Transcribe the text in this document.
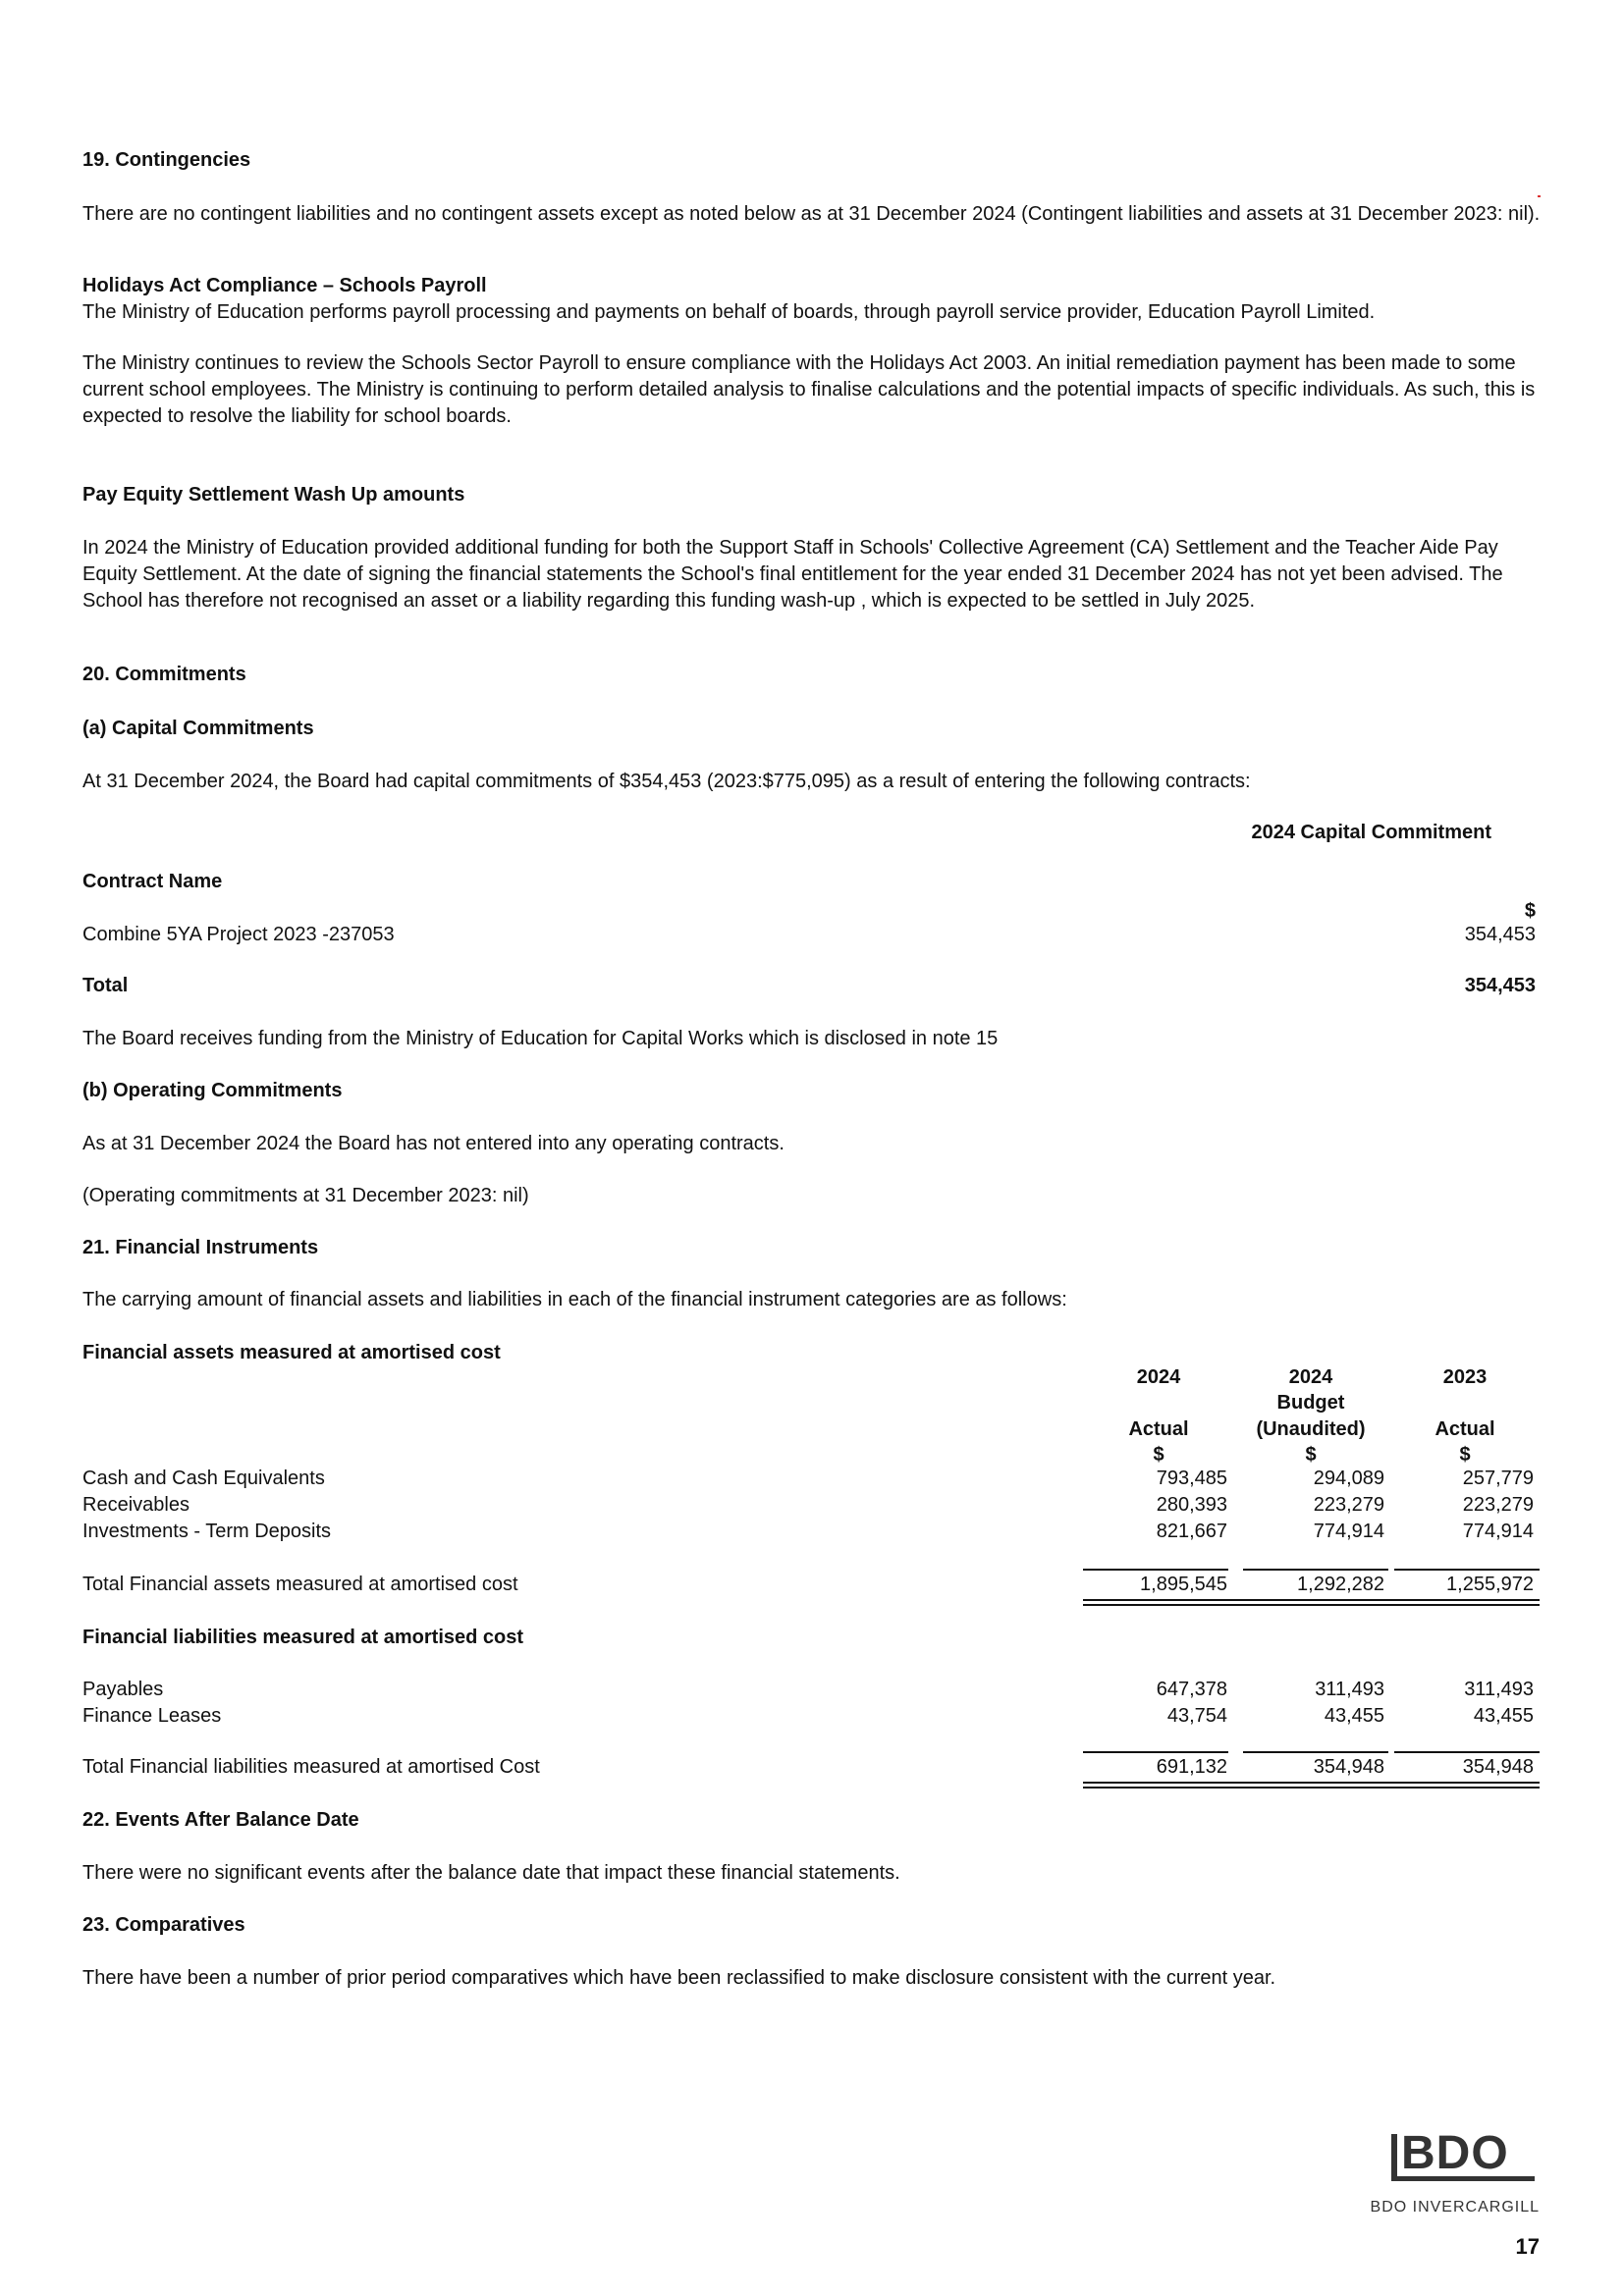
19. Contingencies
There are no contingent liabilities and no contingent assets except as noted below as at 31 December 2024 (Contingent liabilities and assets at 31 December 2023: nil).
Holidays Act Compliance – Schools Payroll
The Ministry of Education performs payroll processing and payments on behalf of boards, through payroll service provider, Education Payroll Limited.
The Ministry continues to review the Schools Sector Payroll to ensure compliance with the Holidays Act 2003. An initial remediation payment has been made to some current school employees. The Ministry is continuing to perform detailed analysis to finalise calculations and the potential impacts of specific individuals. As such, this is expected to resolve the liability for school boards.
Pay Equity Settlement Wash Up amounts
In 2024 the Ministry of Education provided additional funding for both the Support Staff in Schools' Collective Agreement (CA) Settlement and the Teacher Aide Pay Equity Settlement. At the date of signing the financial statements the School's final entitlement for the year ended 31 December 2024 has not yet been advised. The School has therefore not recognised an asset or a liability regarding this funding wash-up , which is expected to be settled in July 2025.
20. Commitments
(a) Capital Commitments
At 31 December 2024, the Board had capital commitments of $354,453 (2023:$775,095) as a result of entering the following contracts:
2024 Capital Commitment
Contract Name
$
Combine 5YA Project 2023 -237053	354,453
Total	354,453
The Board receives funding from the Ministry of Education for Capital Works which is disclosed in note 15
(b) Operating Commitments
As at 31 December 2024 the Board has not entered into any operating contracts.
(Operating commitments at 31 December 2023: nil)
21. Financial Instruments
The carrying amount of financial assets and liabilities in each of the financial instrument categories are as follows:
Financial assets measured at amortised cost
2024
Actual
$
2024
Budget
(Unaudited)
$
2023
Actual
$
Cash and Cash Equivalents	793,485	294,089	257,779
Receivables	280,393	223,279	223,279
Investments - Term Deposits	821,667	774,914	774,914
Total Financial assets measured at amortised cost	1,895,545	1,292,282	1,255,972
Financial liabilities measured at amortised cost
Payables	647,378	311,493	311,493
Finance Leases	43,754	43,455	43,455
Total Financial liabilities measured at amortised Cost	691,132	354,948	354,948
22. Events After Balance Date
There were no significant events after the balance date that impact these financial statements.
23. Comparatives
There have been a number of prior period comparatives which have been reclassified to make disclosure consistent with the current year.
BDO
BDO INVERCARGILL
17
